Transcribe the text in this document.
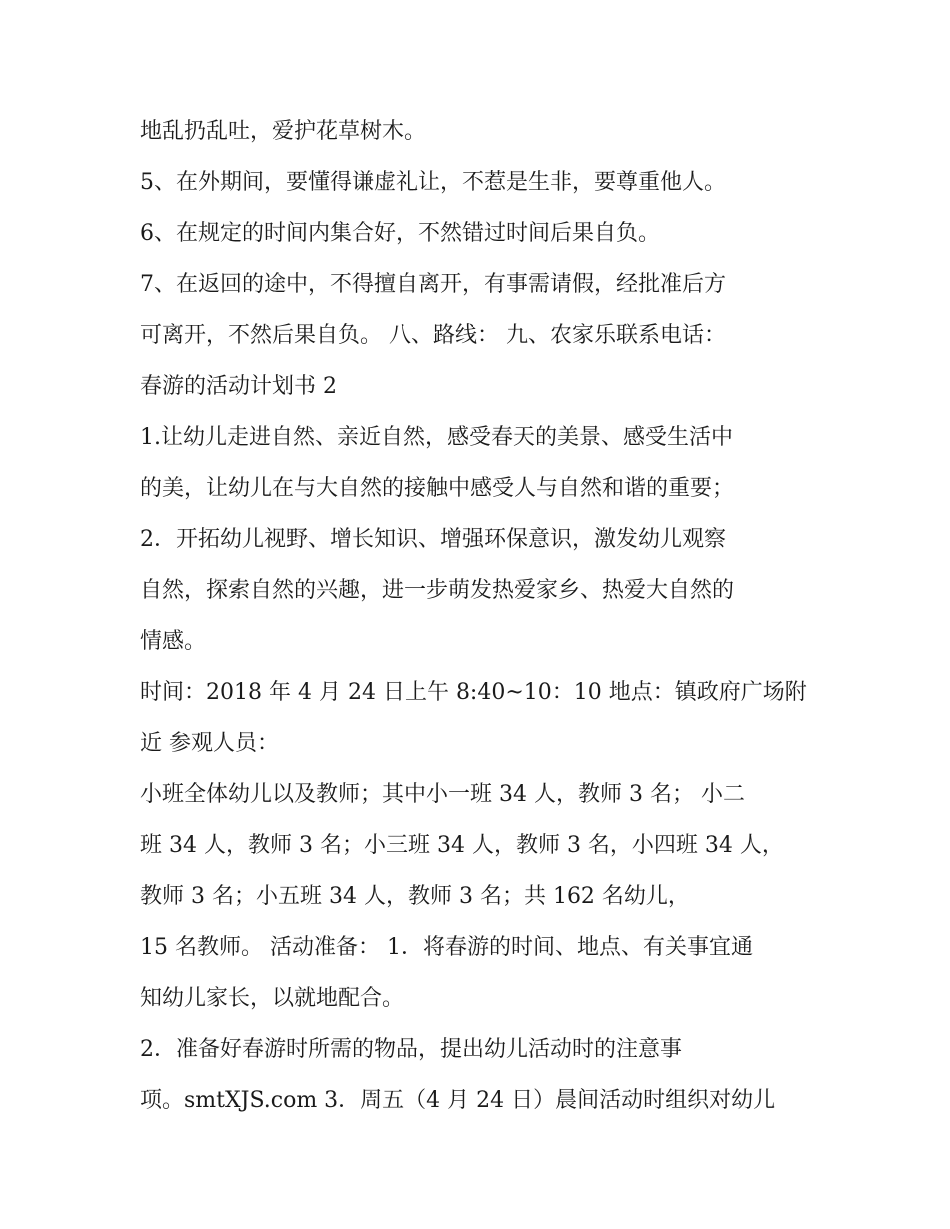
地乱扔乱吐，爱护花草树木。
5、在外期间，要懂得谦虚礼让，不惹是生非，要尊重他人。
6、在规定的时间内集合好，不然错过时间后果自负。
7、在返回的途中，不得擅自离开，有事需请假，经批准后方
可离开，不然后果自负。 八、路线： 九、农家乐联系电话：
春游的活动计划书 2
1.让幼儿走进自然、亲近自然，感受春天的美景、感受生活中
的美，让幼儿在与大自然的接触中感受人与自然和谐的重要；
2．开拓幼儿视野、增长知识、增强环保意识，激发幼儿观察
自然，探索自然的兴趣，进一步萌发热爱家乡、热爱大自然的
情感。
时间：2018 年 4 月 24 日上午 8:40~10：10 地点：镇政府广场附
近 参观人员：
小班全体幼儿以及教师；其中小一班 34 人，教师 3 名； 小二
班 34 人，教师 3 名；小三班 34 人，教师 3 名，小四班 34 人，
教师 3 名；小五班 34 人，教师 3 名；共 162 名幼儿，
15 名教师。 活动准备： 1．将春游的时间、地点、有关事宜通
知幼儿家长，以就地配合。
2．准备好春游时所需的物品，提出幼儿活动时的注意事
项。smtXJS.com 3．周五（4 月 24 日）晨间活动时组织对幼儿
